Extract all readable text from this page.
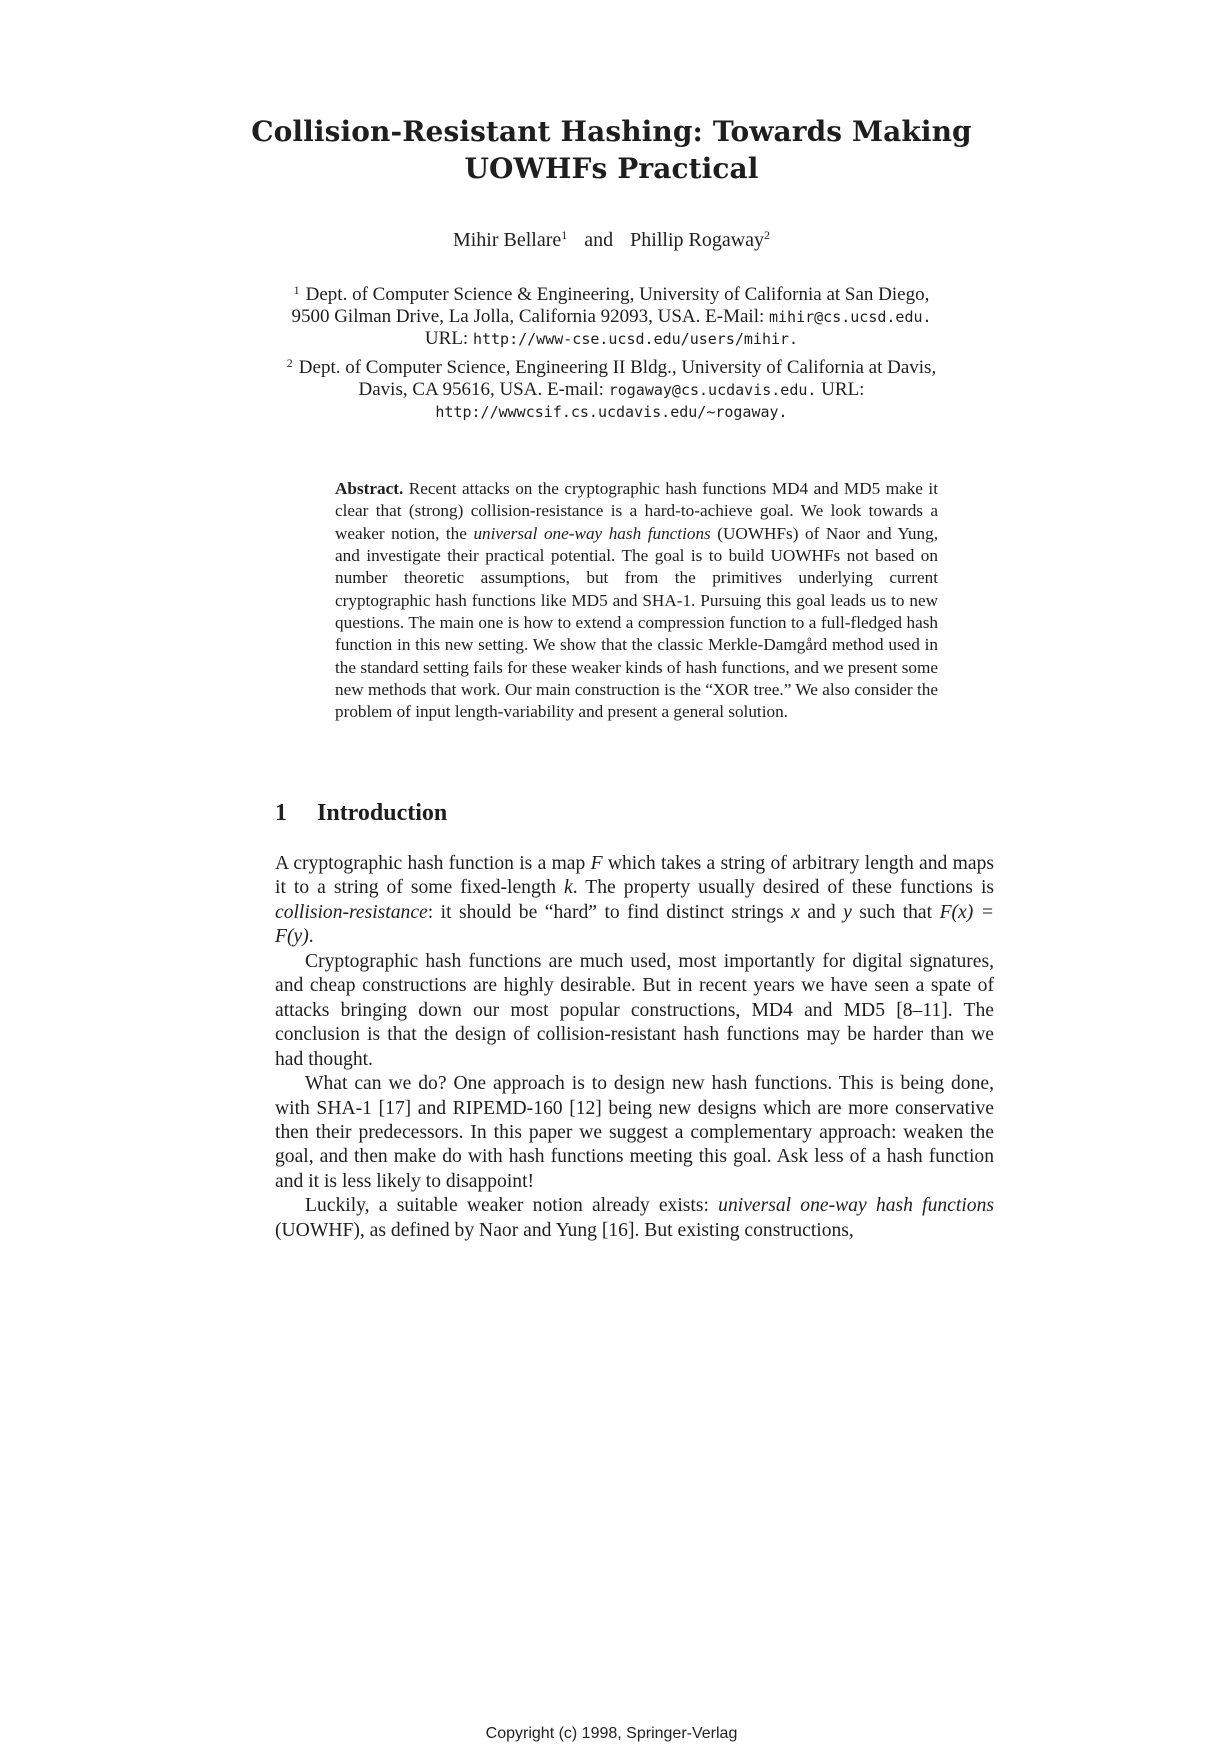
Collision-Resistant Hashing: Towards Making
UOWHFs Practical
Mihir Bellare$^1$ and Phillip Rogaway$^2$
$^1$ Dept. of Computer Science & Engineering, University of California at San Diego,
9500 Gilman Drive, La Jolla, California 92093, USA. E-Mail: mihir@cs.ucsd.edu.
URL: http://www-cse.ucsd.edu/users/mihir.
$^2$ Dept. of Computer Science, Engineering II Bldg., University of California at Davis,
Davis, CA 95616, USA. E-mail: rogaway@cs.ucdavis.edu. URL:
http://wwwcsif.cs.ucdavis.edu/~rogaway.
Abstract. Recent attacks on the cryptographic hash functions MD4 and MD5 make it clear that (strong) collision-resistance is a hard-to-achieve goal. We look towards a weaker notion, the universal one-way hash functions (UOWHFs) of Naor and Yung, and investigate their practical potential. The goal is to build UOWHFs not based on number theoretic assumptions, but from the primitives underlying current cryptographic hash functions like MD5 and SHA-1. Pursuing this goal leads us to new questions. The main one is how to extend a compression function to a full-fledged hash function in this new setting. We show that the classic Merkle-Damgård method used in the standard setting fails for these weaker kinds of hash functions, and we present some new methods that work. Our main construction is the “XOR tree.” We also consider the problem of input length-variability and present a general solution.
1 Introduction

A cryptographic hash function is a map F which takes a string of arbitrary length and maps it to a string of some fixed-length k. The property usually desired of these functions is collision-resistance: it should be “hard” to find distinct strings x and y such that F(x) = F(y).

Cryptographic hash functions are much used, most importantly for digital signatures, and cheap constructions are highly desirable. But in recent years we have seen a spate of attacks bringing down our most popular constructions, MD4 and MD5 [8–11]. The conclusion is that the design of collision-resistant hash functions may be harder than we had thought.

What can we do? One approach is to design new hash functions. This is being done, with SHA-1 [17] and RIPEMD-160 [12] being new designs which are more conservative then their predecessors. In this paper we suggest a complementary approach: weaken the goal, and then make do with hash functions meeting this goal. Ask less of a hash function and it is less likely to disappoint!

Luckily, a suitable weaker notion already exists: universal one-way hash functions (UOWHF), as defined by Naor and Yung [16]. But existing constructions,

Copyright (c) 1998, Springer-Verlag
